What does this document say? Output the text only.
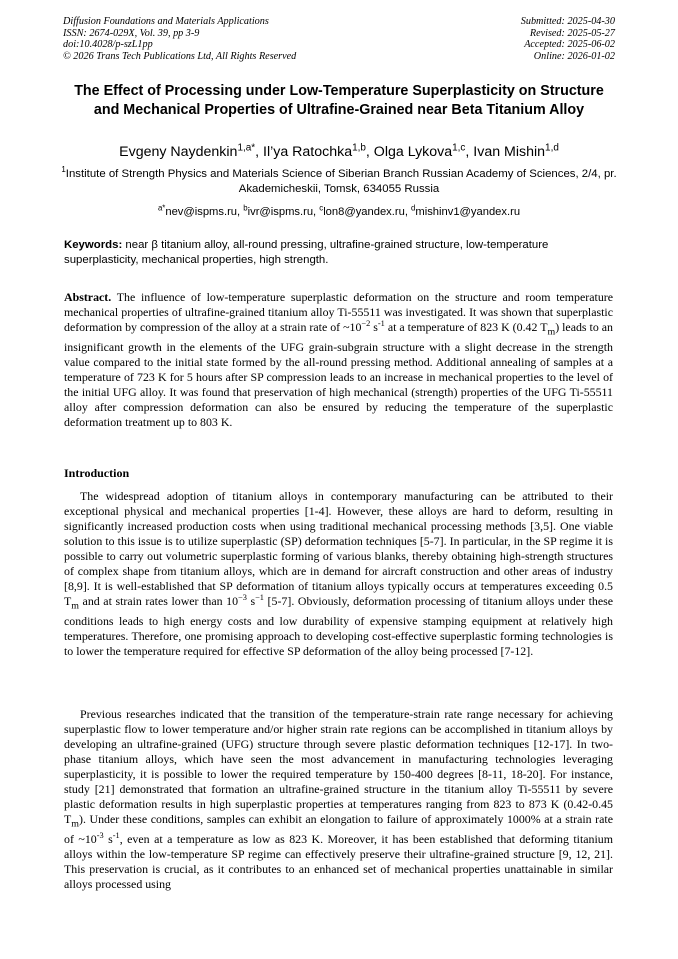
Diffusion Foundations and Materials Applications
ISSN: 2674-029X, Vol. 39, pp 3-9
doi:10.4028/p-szL1pp
© 2026 Trans Tech Publications Ltd, All Rights Reserved
Submitted: 2025-04-30
Revised: 2025-05-27
Accepted: 2025-06-02
Online: 2026-01-02
The Effect of Processing under Low-Temperature Superplasticity on Structure and Mechanical Properties of Ultrafine-Grained near Beta Titanium Alloy
Evgeny Naydenkin$^{1,a*}$, Il’ya Ratochka$^{1,b}$, Olga Lykova$^{1,c}$, Ivan Mishin$^{1,d}$
$^1$Institute of Strength Physics and Materials Science of Siberian Branch Russian Academy of Sciences, 2/4, pr. Akademicheskii, Tomsk, 634055 Russia
$^{a*}$nev@ispms.ru, $^b$ivr@ispms.ru, $^c$lon8@yandex.ru, $^d$mishinv1@yandex.ru
Keywords: near β titanium alloy, all-round pressing, ultrafine-grained structure, low-temperature superplasticity, mechanical properties, high strength.
Abstract. The influence of low-temperature superplastic deformation on the structure and room temperature mechanical properties of ultrafine-grained titanium alloy Ti-55511 was investigated. It was shown that superplastic deformation by compression of the alloy at a strain rate of $\sim 10^{-2}$ $s^{-1}$ at a temperature of 823 K (0.42 $T_m$) leads to an insignificant growth in the elements of the UFG grain-subgrain structure with a slight decrease in the strength value compared to the initial state formed by the all-round pressing method. Additional annealing of samples at a temperature of 723 K for 5 hours after SP compression leads to an increase in mechanical properties to the level of the initial UFG alloy. It was found that preservation of high mechanical (strength) properties of the UFG Ti-55511 alloy after compression deformation can also be ensured by reducing the temperature of the superplastic deformation treatment up to 803 K.
Introduction

The widespread adoption of titanium alloys in contemporary manufacturing can be attributed to their exceptional physical and mechanical properties [1-4]. However, these alloys are hard to deform, resulting in significantly increased production costs when using traditional mechanical processing methods [3,5]. One viable solution to this issue is to utilize superplastic (SP) deformation techniques [5-7]. In particular, in the SP regime it is possible to carry out volumetric superplastic forming of various blanks, thereby obtaining high-strength structures of complex shape from titanium alloys, which are in demand for aircraft construction and other areas of industry [8,9]. It is well-established that SP deformation of titanium alloys typically occurs at temperatures exceeding 0.5 $T_m$ and at strain rates lower than $10^{-3}$ $s^{-1}$ [5-7]. Obviously, deformation processing of titanium alloys under these conditions leads to high energy costs and low durability of expensive stamping equipment at relatively high temperatures. Therefore, one promising approach to developing cost-effective superplastic forming technologies is to lower the temperature required for effective SP deformation of the alloy being processed [7-12].

Previous researches indicated that the transition of the temperature-strain rate range necessary for achieving superplastic flow to lower temperature and/or higher strain rate regions can be accomplished in titanium alloys by developing an ultrafine-grained (UFG) structure through severe plastic deformation techniques [12-17]. In two-phase titanium alloys, which have seen the most advancement in manufacturing technologies leveraging superplasticity, it is possible to lower the required temperature by 150-400 degrees [8-11, 18-20]. For instance, study [21] demonstrated that formation an ultrafine-grained structure in the titanium alloy Ti-55511 by severe plastic deformation results in high superplastic properties at temperatures ranging from 823 to 873 K (0.42-0.45 $T_m$). Under these conditions, samples can exhibit an elongation to failure of approximately 1000% at a strain rate of $\sim 10^{-3}$ $s^{-1}$, even at a temperature as low as 823 K. Moreover, it has been established that deforming titanium alloys within the low-temperature SP regime can effectively preserve their ultrafine-grained structure [9, 12, 21]. This preservation is crucial, as it contributes to an enhanced set of mechanical properties unattainable in similar alloys processed using
